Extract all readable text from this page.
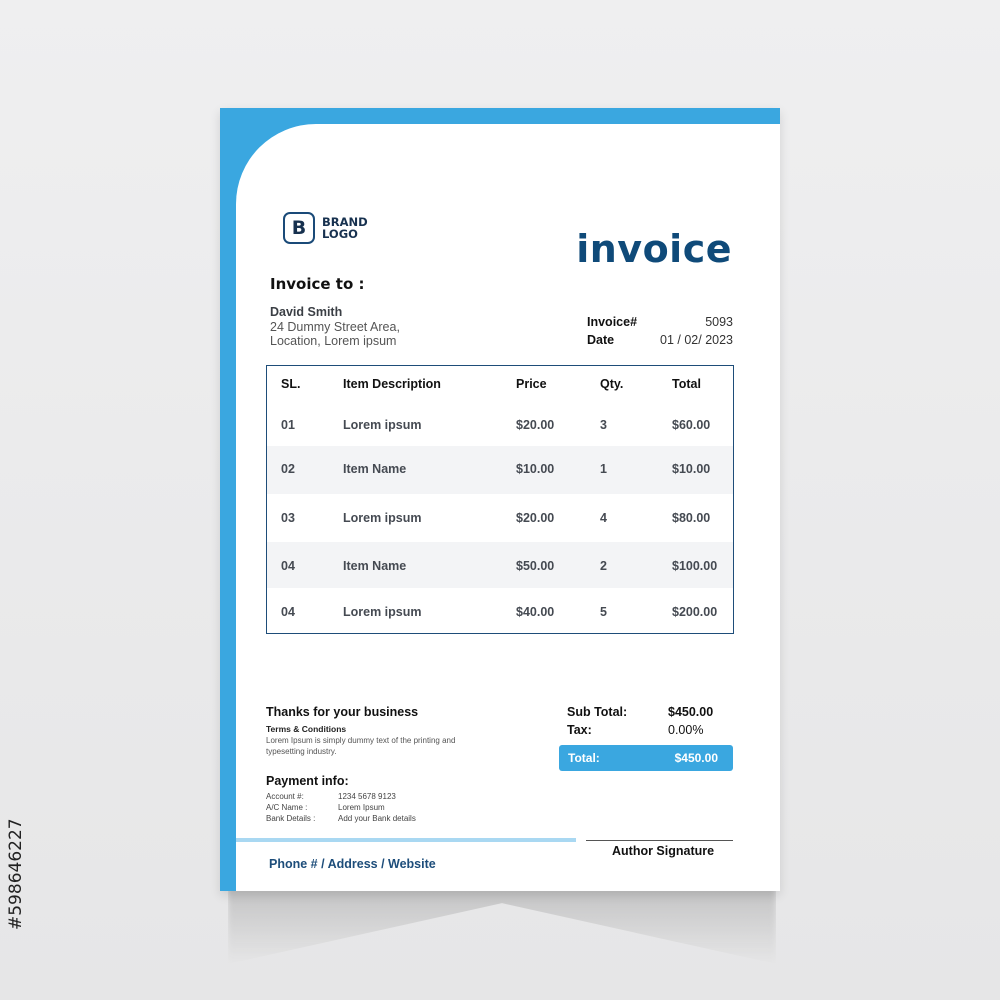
#598646227
B	BRAND LOGO	invoice
Invoice to :
David Smith
24 Dummy Street Area,
Location, Lorem ipsum
Invoice#	5093
Date	01 / 02/ 2023
SL.	Item Description	Price	Qty.	Total
01	Lorem ipsum	$20.00	3	$60.00
02	Item Name	$10.00	1	$10.00
03	Lorem ipsum	$20.00	4	$80.00
04	Item Name	$50.00	2	$100.00
04	Lorem ipsum	$40.00	5	$200.00
Thanks for your business
Terms & Conditions
Lorem Ipsum is simply dummy text of the printing and typesetting industry.
Payment info:
Account #:	1234 5678 9123
A/C Name :	Lorem Ipsum
Bank Details :	Add your Bank details
Sub Total:	$450.00
Tax:	0.00%
Total:	$450.00
Author Signature
Phone # / Address / Website
